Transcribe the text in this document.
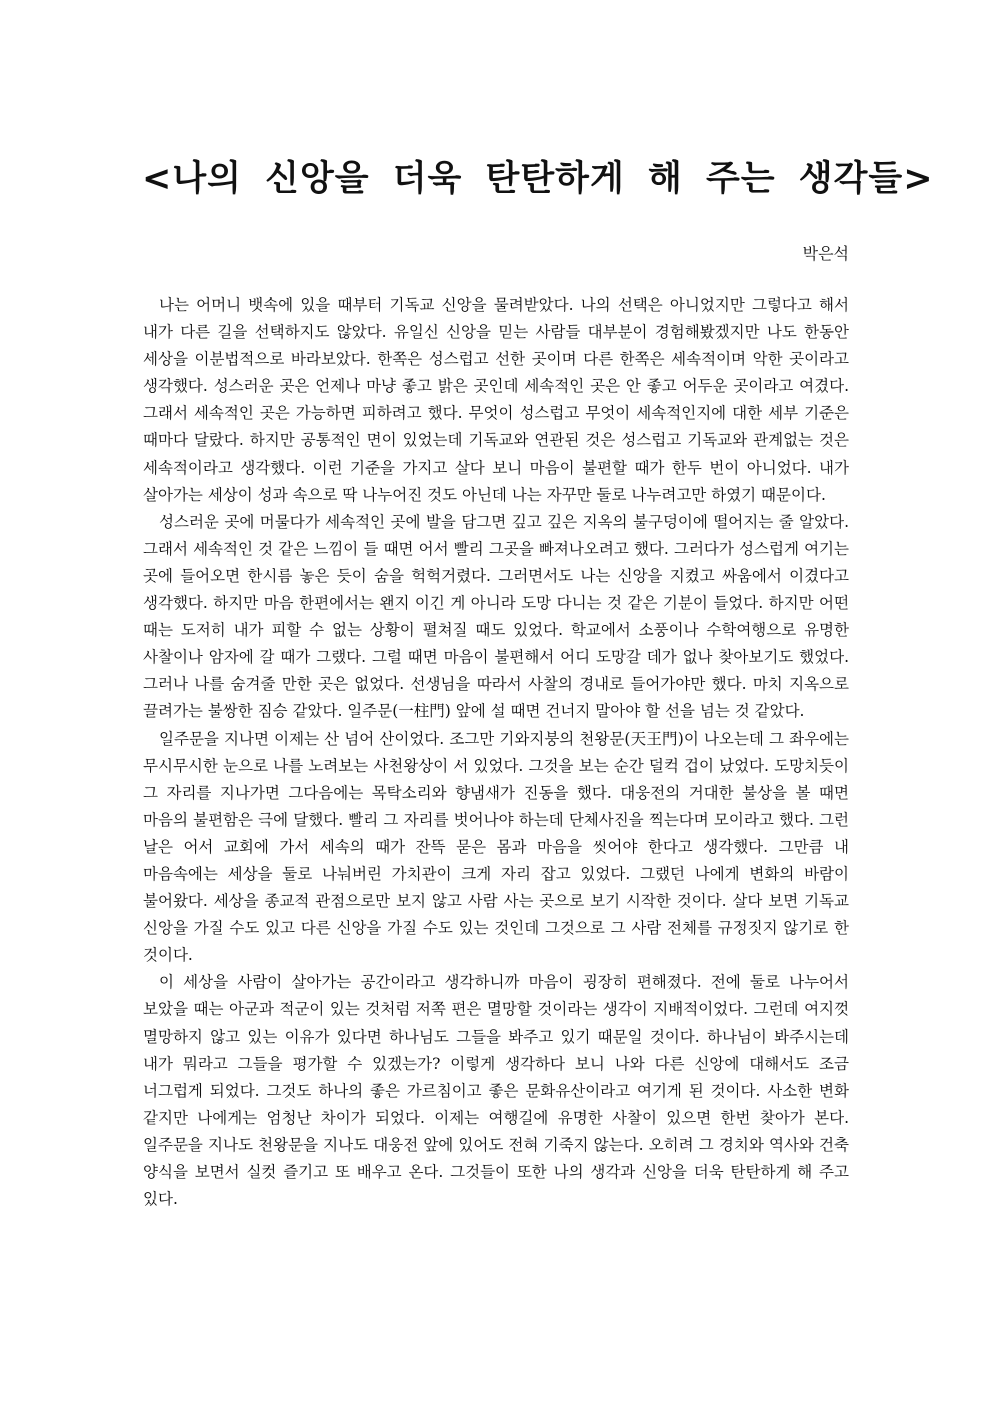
<나의 신앙을 더욱 탄탄하게 해 주는 생각들>
박은석

나는 어머니 뱃속에 있을 때부터 기독교 신앙을 물려받았다. 나의 선택은 아니었지만 그렇다고 해서 내가 다른 길을 선택하지도 않았다. 유일신 신앙을 믿는 사람들 대부분이 경험해봤겠지만 나도 한동안 세상을 이분법적으로 바라보았다. 한쪽은 성스럽고 선한 곳이며 다른 한쪽은 세속적이며 악한 곳이라고 생각했다. 성스러운 곳은 언제나 마냥 좋고 밝은 곳인데 세속적인 곳은 안 좋고 어두운 곳이라고 여겼다. 그래서 세속적인 곳은 가능하면 피하려고 했다. 무엇이 성스럽고 무엇이 세속적인지에 대한 세부 기준은 때마다 달랐다. 하지만 공통적인 면이 있었는데 기독교와 연관된 것은 성스럽고 기독교와 관계없는 것은 세속적이라고 생각했다. 이런 기준을 가지고 살다 보니 마음이 불편할 때가 한두 번이 아니었다. 내가 살아가는 세상이 성과 속으로 딱 나누어진 것도 아닌데 나는 자꾸만 둘로 나누려고만 하였기 때문이다.

성스러운 곳에 머물다가 세속적인 곳에 발을 담그면 깊고 깊은 지옥의 불구덩이에 떨어지는 줄 알았다. 그래서 세속적인 것 같은 느낌이 들 때면 어서 빨리 그곳을 빠져나오려고 했다. 그러다가 성스럽게 여기는 곳에 들어오면 한시름 놓은 듯이 숨을 헉헉거렸다. 그러면서도 나는 신앙을 지켰고 싸움에서 이겼다고 생각했다. 하지만 마음 한편에서는 왠지 이긴 게 아니라 도망 다니는 것 같은 기분이 들었다. 하지만 어떤 때는 도저히 내가 피할 수 없는 상황이 펼쳐질 때도 있었다. 학교에서 소풍이나 수학여행으로 유명한 사찰이나 암자에 갈 때가 그랬다. 그럴 때면 마음이 불편해서 어디 도망갈 데가 없나 찾아보기도 했었다. 그러나 나를 숨겨줄 만한 곳은 없었다. 선생님을 따라서 사찰의 경내로 들어가야만 했다. 마치 지옥으로 끌려가는 불쌍한 짐승 같았다. 일주문(一柱門) 앞에 설 때면 건너지 말아야 할 선을 넘는 것 같았다.

일주문을 지나면 이제는 산 넘어 산이었다. 조그만 기와지붕의 천왕문(天王門)이 나오는데 그 좌우에는 무시무시한 눈으로 나를 노려보는 사천왕상이 서 있었다. 그것을 보는 순간 덜컥 겁이 났었다. 도망치듯이 그 자리를 지나가면 그다음에는 목탁소리와 향냄새가 진동을 했다. 대웅전의 거대한 불상을 볼 때면 마음의 불편함은 극에 달했다. 빨리 그 자리를 벗어나야 하는데 단체사진을 찍는다며 모이라고 했다. 그런 날은 어서 교회에 가서 세속의 때가 잔뜩 묻은 몸과 마음을 씻어야 한다고 생각했다. 그만큼 내 마음속에는 세상을 둘로 나눠버린 가치관이 크게 자리 잡고 있었다. 그랬던 나에게 변화의 바람이 불어왔다. 세상을 종교적 관점으로만 보지 않고 사람 사는 곳으로 보기 시작한 것이다. 살다 보면 기독교 신앙을 가질 수도 있고 다른 신앙을 가질 수도 있는 것인데 그것으로 그 사람 전체를 규정짓지 않기로 한 것이다.

이 세상을 사람이 살아가는 공간이라고 생각하니까 마음이 굉장히 편해졌다. 전에 둘로 나누어서 보았을 때는 아군과 적군이 있는 것처럼 저쪽 편은 멸망할 것이라는 생각이 지배적이었다. 그런데 여지껏 멸망하지 않고 있는 이유가 있다면 하나님도 그들을 봐주고 있기 때문일 것이다. 하나님이 봐주시는데 내가 뭐라고 그들을 평가할 수 있겠는가? 이렇게 생각하다 보니 나와 다른 신앙에 대해서도 조금 너그럽게 되었다. 그것도 하나의 좋은 가르침이고 좋은 문화유산이라고 여기게 된 것이다. 사소한 변화 같지만 나에게는 엄청난 차이가 되었다. 이제는 여행길에 유명한 사찰이 있으면 한번 찾아가 본다. 일주문을 지나도 천왕문을 지나도 대웅전 앞에 있어도 전혀 기죽지 않는다. 오히려 그 경치와 역사와 건축 양식을 보면서 실컷 즐기고 또 배우고 온다. 그것들이 또한 나의 생각과 신앙을 더욱 탄탄하게 해 주고 있다.
